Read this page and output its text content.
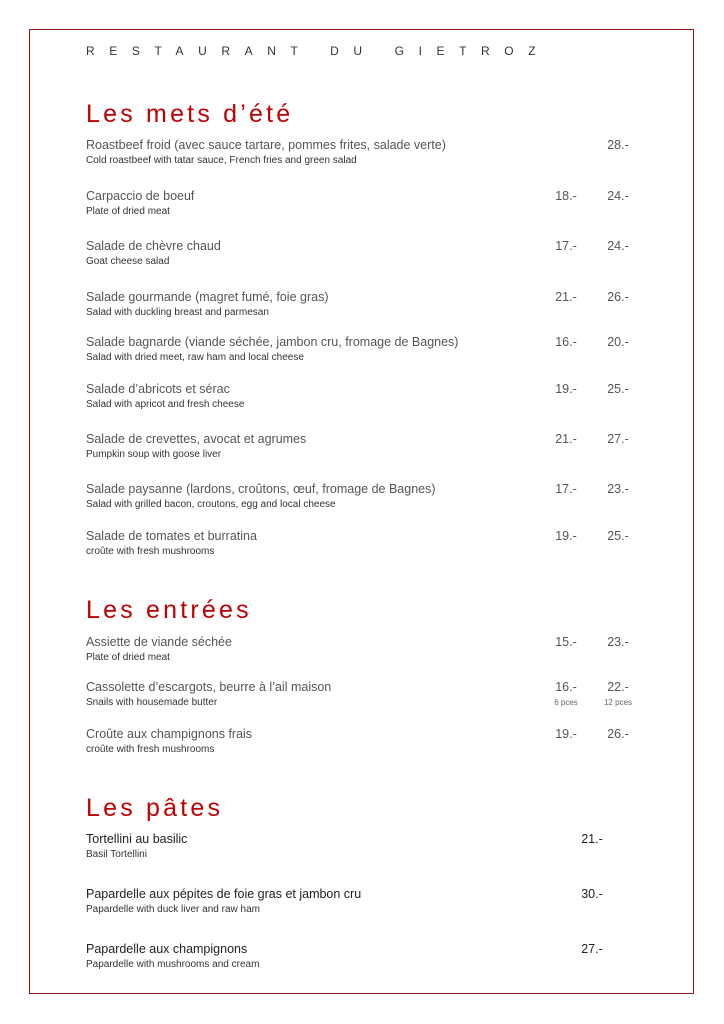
RESTAURANT DU GIETROZ
Les mets d’été
Roastbeef froid (avec sauce tartare, pommes frites, salade verte)
Cold roastbeef with tatar sauce, French fries and green salad
28.-
Carpaccio de boeuf
Plate of dried meat
18.-	24.-
Salade de chèvre chaud
Goat cheese salad
17.-	24.-
Salade gourmande (magret fumé, foie gras)
Salad with duckling breast and parmesan
21.-	26.-
Salade bagnarde (viande séchée, jambon cru, fromage de Bagnes)
Salad with dried meet, raw ham and local cheese
16.-	20.-
Salade d’abricots et sérac
Salad with apricot and fresh cheese
19.-	25.-
Salade de crevettes, avocat et agrumes
Pumpkin soup with goose liver
21.-	27.-
Salade paysanne (lardons, croûtons, œuf, fromage de Bagnes)
Salad with grilled bacon, croutons, egg and local cheese
17.-	23.-
Salade de tomates et burratina
croûte with fresh mushrooms
19.-	25.-
Les entrées
Assiette de viande séchée
Plate of dried meat
15.-	23.-
Cassolette d’escargots, beurre à l’ail maison
Snails with housemade butter
16.-	22.-
6 pces	12 pces
Croûte aux champignons frais
croûte with fresh mushrooms
19.-	26.-
Les pâtes
Tortellini au basilic
Basil Tortellini
21.-
Papardelle aux pépites de foie gras et jambon cru
Papardelle with duck liver and raw ham
30.-
Papardelle aux champignons
Papardelle with mushrooms and cream
27.-
